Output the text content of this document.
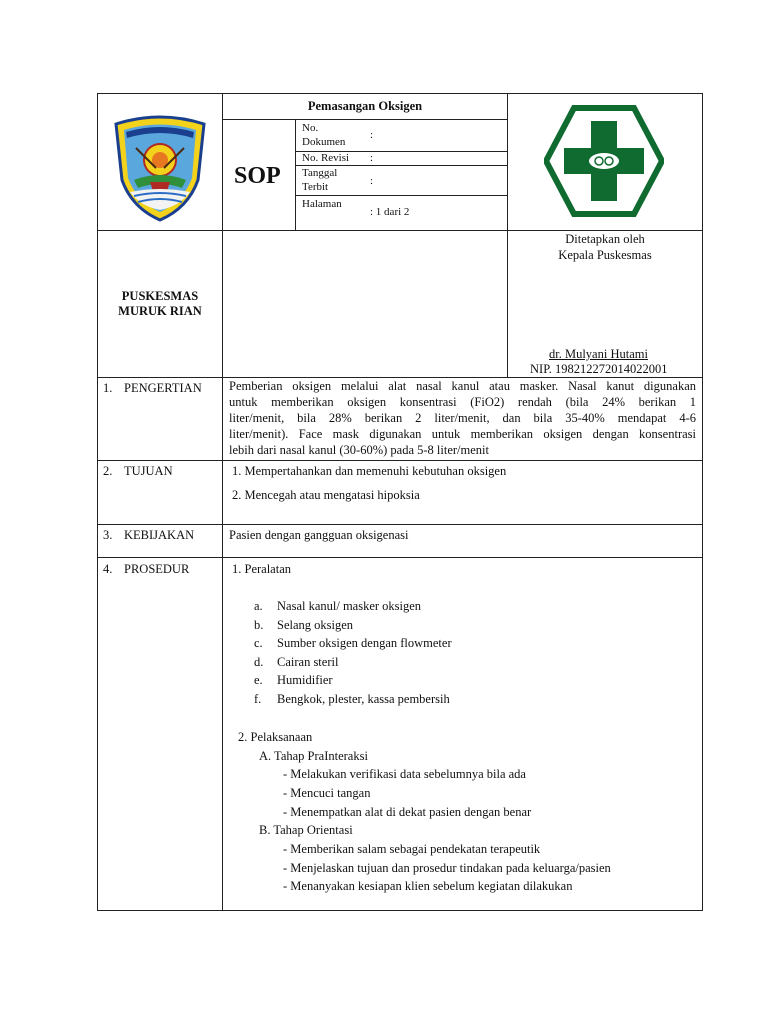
Pemasangan Oksigen
SOP
No.
Dokumen
:
No. Revisi :
Tanggal
Terbit	:
Halaman
: 1 dari 2
PUSKESMAS
MURUK RIAN
Ditetapkan oleh
Kepala Puskesmas
dr. Mulyani Hutami
NIP. 198212272014022001
1. PENGERTIAN Pemberian oksigen melalui alat nasal kanul atau masker. Nasal kanut digunakan
untuk memberikan oksigen konsentrasi (FiO2) rendah (bila 24% berikan 1
liter/menit, bila 28% berikan 2 liter/menit, dan bila 35-40% mendapat 4-6
liter/menit). Face mask digunakan untuk memberikan oksigen dengan konsentrasi
lebih dari nasal kanul (30-60%) pada 5-8 liter/menit
2. TUJUAN	1. Mempertahankan dan memenuhi kebutuhan oksigen
2. Mencegah atau mengatasi hipoksia
3. KEBIJAKAN	Pasien dengan gangguan oksigenasi
4. PROSEDUR	1. Peralatan
a. Nasal kanul/ masker oksigen
b. Selang oksigen
c. Sumber oksigen dengan flowmeter
d. Cairan steril
e. Humidifier
f. Bengkok, plester, kassa pembersih
2. Pelaksanaan
A. Tahap PraInteraksi
- Melakukan verifikasi data sebelumnya bila ada
- Mencuci tangan
- Menempatkan alat di dekat pasien dengan benar
B. Tahap Orientasi
- Memberikan salam sebagai pendekatan terapeutik
- Menjelaskan tujuan dan prosedur tindakan pada keluarga/pasien
- Menanyakan kesiapan klien sebelum kegiatan dilakukan
